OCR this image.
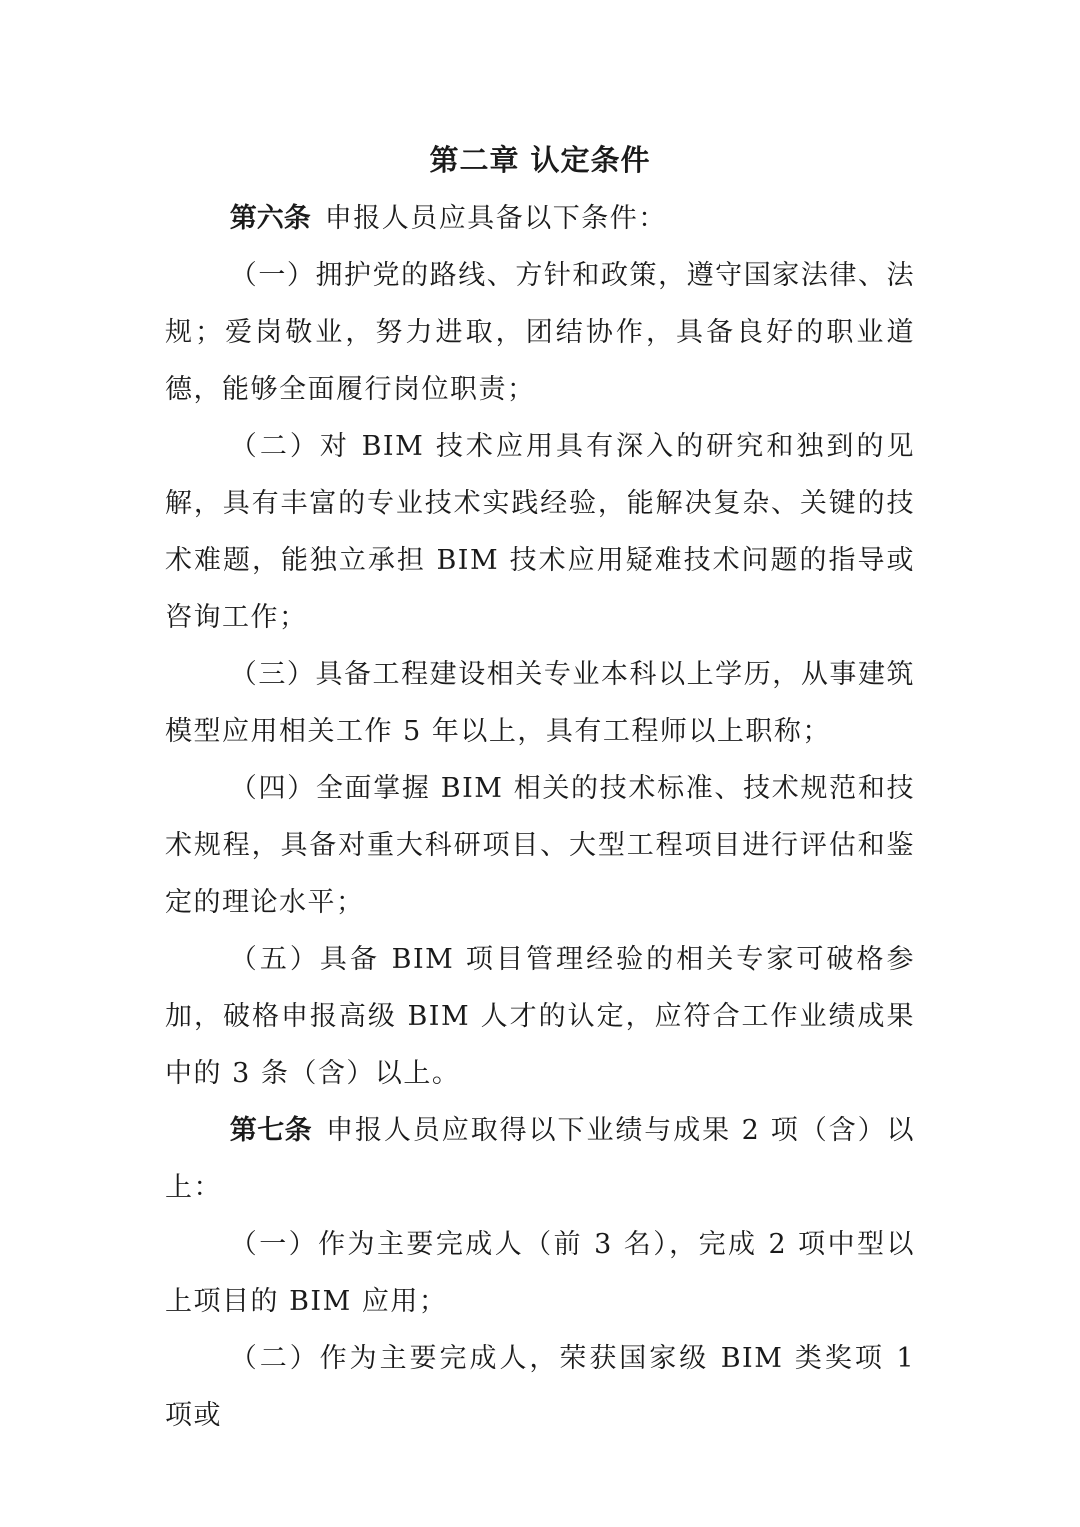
第二章 认定条件

第六条 申报人员应具备以下条件：

（一）拥护党的路线、方针和政策，遵守国家法律、法规；爱岗敬业，努力进取，团结协作，具备良好的职业道德，能够全面履行岗位职责；

（二）对 BIM 技术应用具有深入的研究和独到的见解，具有丰富的专业技术实践经验，能解决复杂、关键的技术难题，能独立承担 BIM 技术应用疑难技术问题的指导或咨询工作；

（三）具备工程建设相关专业本科以上学历，从事建筑模型应用相关工作 5 年以上，具有工程师以上职称；

（四）全面掌握 BIM 相关的技术标准、技术规范和技术规程，具备对重大科研项目、大型工程项目进行评估和鉴定的理论水平；

（五）具备 BIM 项目管理经验的相关专家可破格参加，破格申报高级 BIM 人才的认定，应符合工作业绩成果中的 3 条（含）以上。

第七条 申报人员应取得以下业绩与成果 2 项（含）以上：

（一）作为主要完成人（前 3 名），完成 2 项中型以上项目的 BIM 应用；

（二）作为主要完成人，荣获国家级 BIM 类奖项 1 项或
